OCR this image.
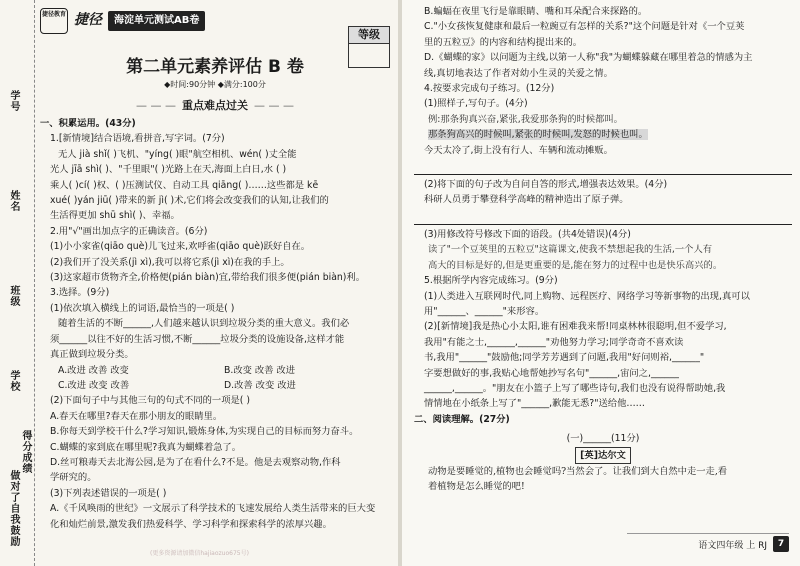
学号
姓名
班级
学校
得分成绩
做对了自我鼓励
捷径教育 捷径	海淀单元测试AB卷
等级
第二单元素养评估 B 卷
◆时间:90分钟 ◆满分:100分
— — — 重点难点过关 — — —
一、积累运用。(43分)
1.[新情境]结合语境,看拼音,写字词。(7分)
无人 jià shǐ( )飞机、"yíng( )眼"航空相机、wén( )丈全能
光人 jīā shì( )、"千里眼"( )光路上在天,海面上白日,水 ( )
乘人( )cí( )权、( )压测试仪、自动工具 qiāng( )……这些都是 kē
xué( )yán jiū( )带来的新 jì( )术,它们将会改变我们的认知,让我们的
生活得更加 shū shì( )、幸福。
2.用"√"画出加点字的正确读音。(6分)
(1)小小家雀(qiāo què)儿飞过来,欢呼雀(qiāo què)跃好自在。
(2)我们开了没关系(jì xì),我可以将它系(jì xì)在我的手上。
(3)这家超市货物齐全,价格便(pián biàn)宜,带给我们很多便(pián biàn)利。
3.选择。(9分)
(1)依次填入横线上的词语,最恰当的一项是( )
随着生活的不断______,人们越来越认识到垃圾分类的重大意义。我们必
须______以往不好的生活习惯,不断______垃圾分类的设施设备,这样才能
真正做到垃圾分类。
A.改进 改善 改变	B.改变 改善 改进
C.改进 改变 改善	D.改善 改变 改进
(2)下面句子中与其他三句的句式不同的一项是( )
A.春天在哪里?春天在那小朋友的眼睛里。
B.你每天到学校干什么?学习知识,锻炼身体,为实现自己的目标而努力奋斗。
C.蝴蝶的家到底在哪里呢?我真为蝴蝶着急了。
D.丝可粮毒天去北海公园,是为了在看什么?不是。他是去观察动物,作科
学研究的。
(3)下列表述错误的一项是( )
A.《千风唤雨的世纪》一文展示了科学技术的飞速发展给人类生活带来的巨大变
化和灿烂前景,激发我们热爱科学、学习科学和探索科学的浓厚兴趣。
(更多资源请加微信hajiaozuo675号)
B.蝙蝠在夜里飞行是靠眼睛、嘴和耳朵配合来探路的。
C."小女孩恢复健康和最后一粒豌豆有怎样的关系?"这个问题是针对《一个豆荚
里的五粒豆》的内容和结构提出来的。
D.《蝴蝶的家》以问题为主线,以第一人称"我"为蝴蝶躲藏在哪里着急的情感为主
线,真切地表达了作者对幼小生灵的关爱之情。
4.按要求完成句子练习。(12分)
(1)照样子,写句子。(4分)
例:那条狗真兴奋,紧张,我爱那条狗的时候都叫。
那条狗高兴的时候叫,紧张的时候叫,发怒的时候也叫。
今天太冷了,街上没有行人、车辆和流动摊贩。
(2)将下面的句子改为自问自答的形式,增强表达效果。(4分)
科研人员勇于攀登科学高峰的精神造出了原子弹。
(3)用修改符号修改下面的语段。(共4处错误)(4分)
读了"一个豆荚里的五粒豆"这篇课文,使我不禁想起我的生活,一个人有
高大的目标是好的,但是更重要的是,能在努力的过程中也是快乐高兴的。
5.根据所学内容完成练习。(9分)
(1)人类进入互联网时代,同上购物、远程医疗、网络学习等新事物的出现,真可以
用"______、______"来形容。
(2)[新情境]我是热心小太阳,谁有困难我来帮!同桌林林很聪明,但不爱学习,
我用"有能之士,______,______"劝他努力学习;同学奇奇不喜欢读
书,我用"______"鼓励他;同学芳芳遇到了问题,我用"好问则裕,______"
字要想做好的事,我贴心地帮她抄写名句"______,宙问之,______
______,______。"朋友在小篮子上写了哪些诗句,我们也没有说得帮助她,我
情情地在小纸条上写了"______,歉能无悉?"送给他……
二、阅读理解。(27分)
(一)______(11分)
[英]达尔文
动物是要睡觉的,植物也会睡觉吗?当然会了。让我们到大自然中走一走,看
着植物是怎么睡觉的吧!
语文四年级 上 RJ	7
